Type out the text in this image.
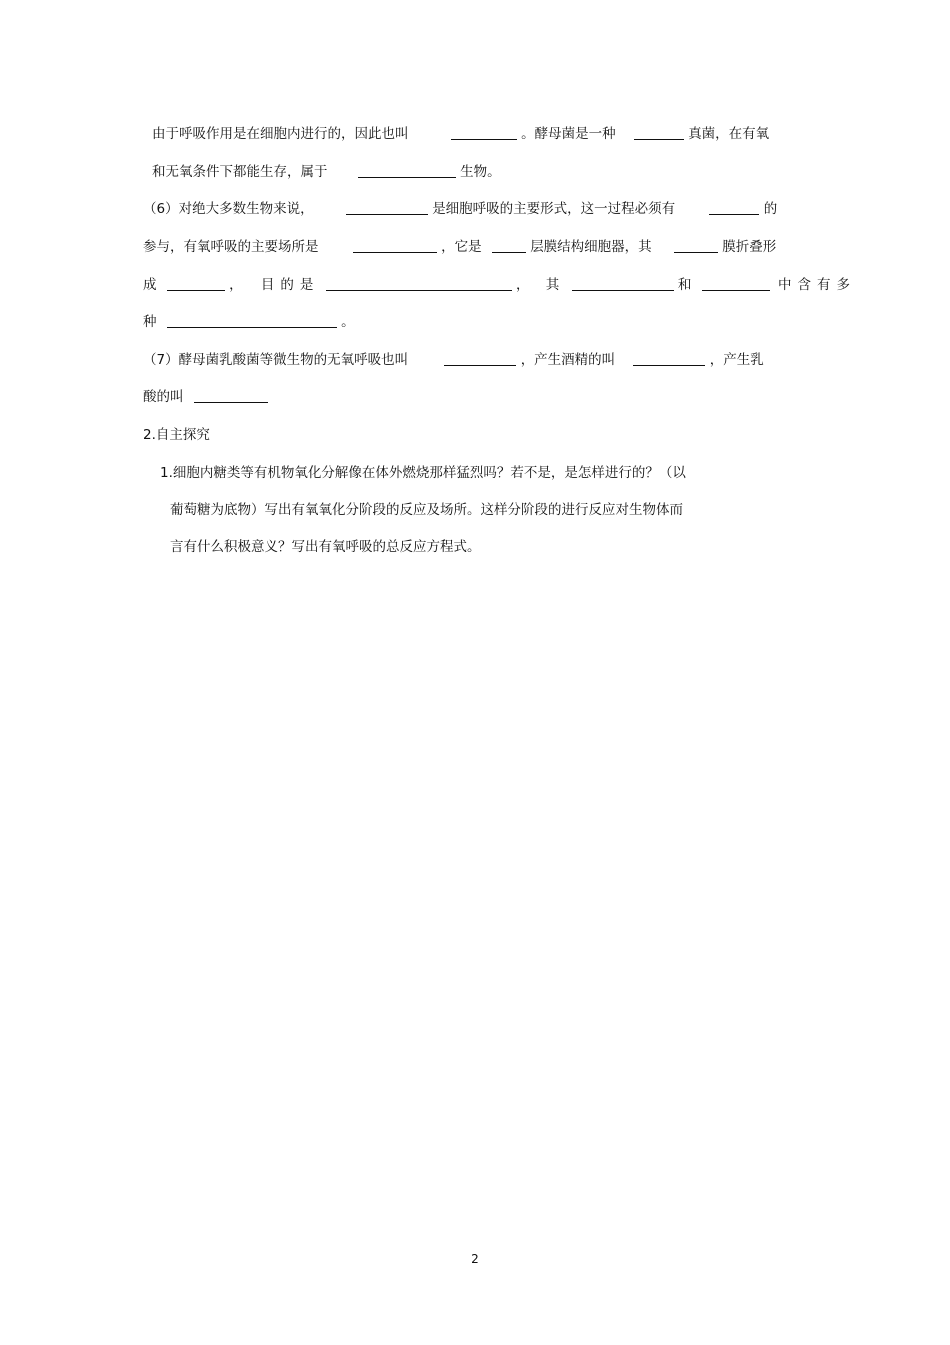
由于呼吸作用是在细胞内进行的，因此也叫	。酵母菌是一种	真菌，在有氧
和无氧条件下都能生存，属于	生物。
（6）对绝大多数生物来说，	是细胞呼吸的主要形式，这一过程必须有	的
参与，有氧呼吸的主要场所是	，它是	层膜结构细胞器，其	膜折叠形
成	， 目的是	， 其	和	中含有多
种	。
（7）酵母菌乳酸菌等微生物的无氧呼吸也叫	，产生酒精的叫	，产生乳
酸的叫
2.自主探究
1.细胞内糖类等有机物氧化分解像在体外燃烧那样猛烈吗？若不是，是怎样进行的？（以
葡萄糖为底物）写出有氧氧化分阶段的反应及场所。这样分阶段的进行反应对生物体而
言有什么积极意义？写出有氧呼吸的总反应方程式。
2
